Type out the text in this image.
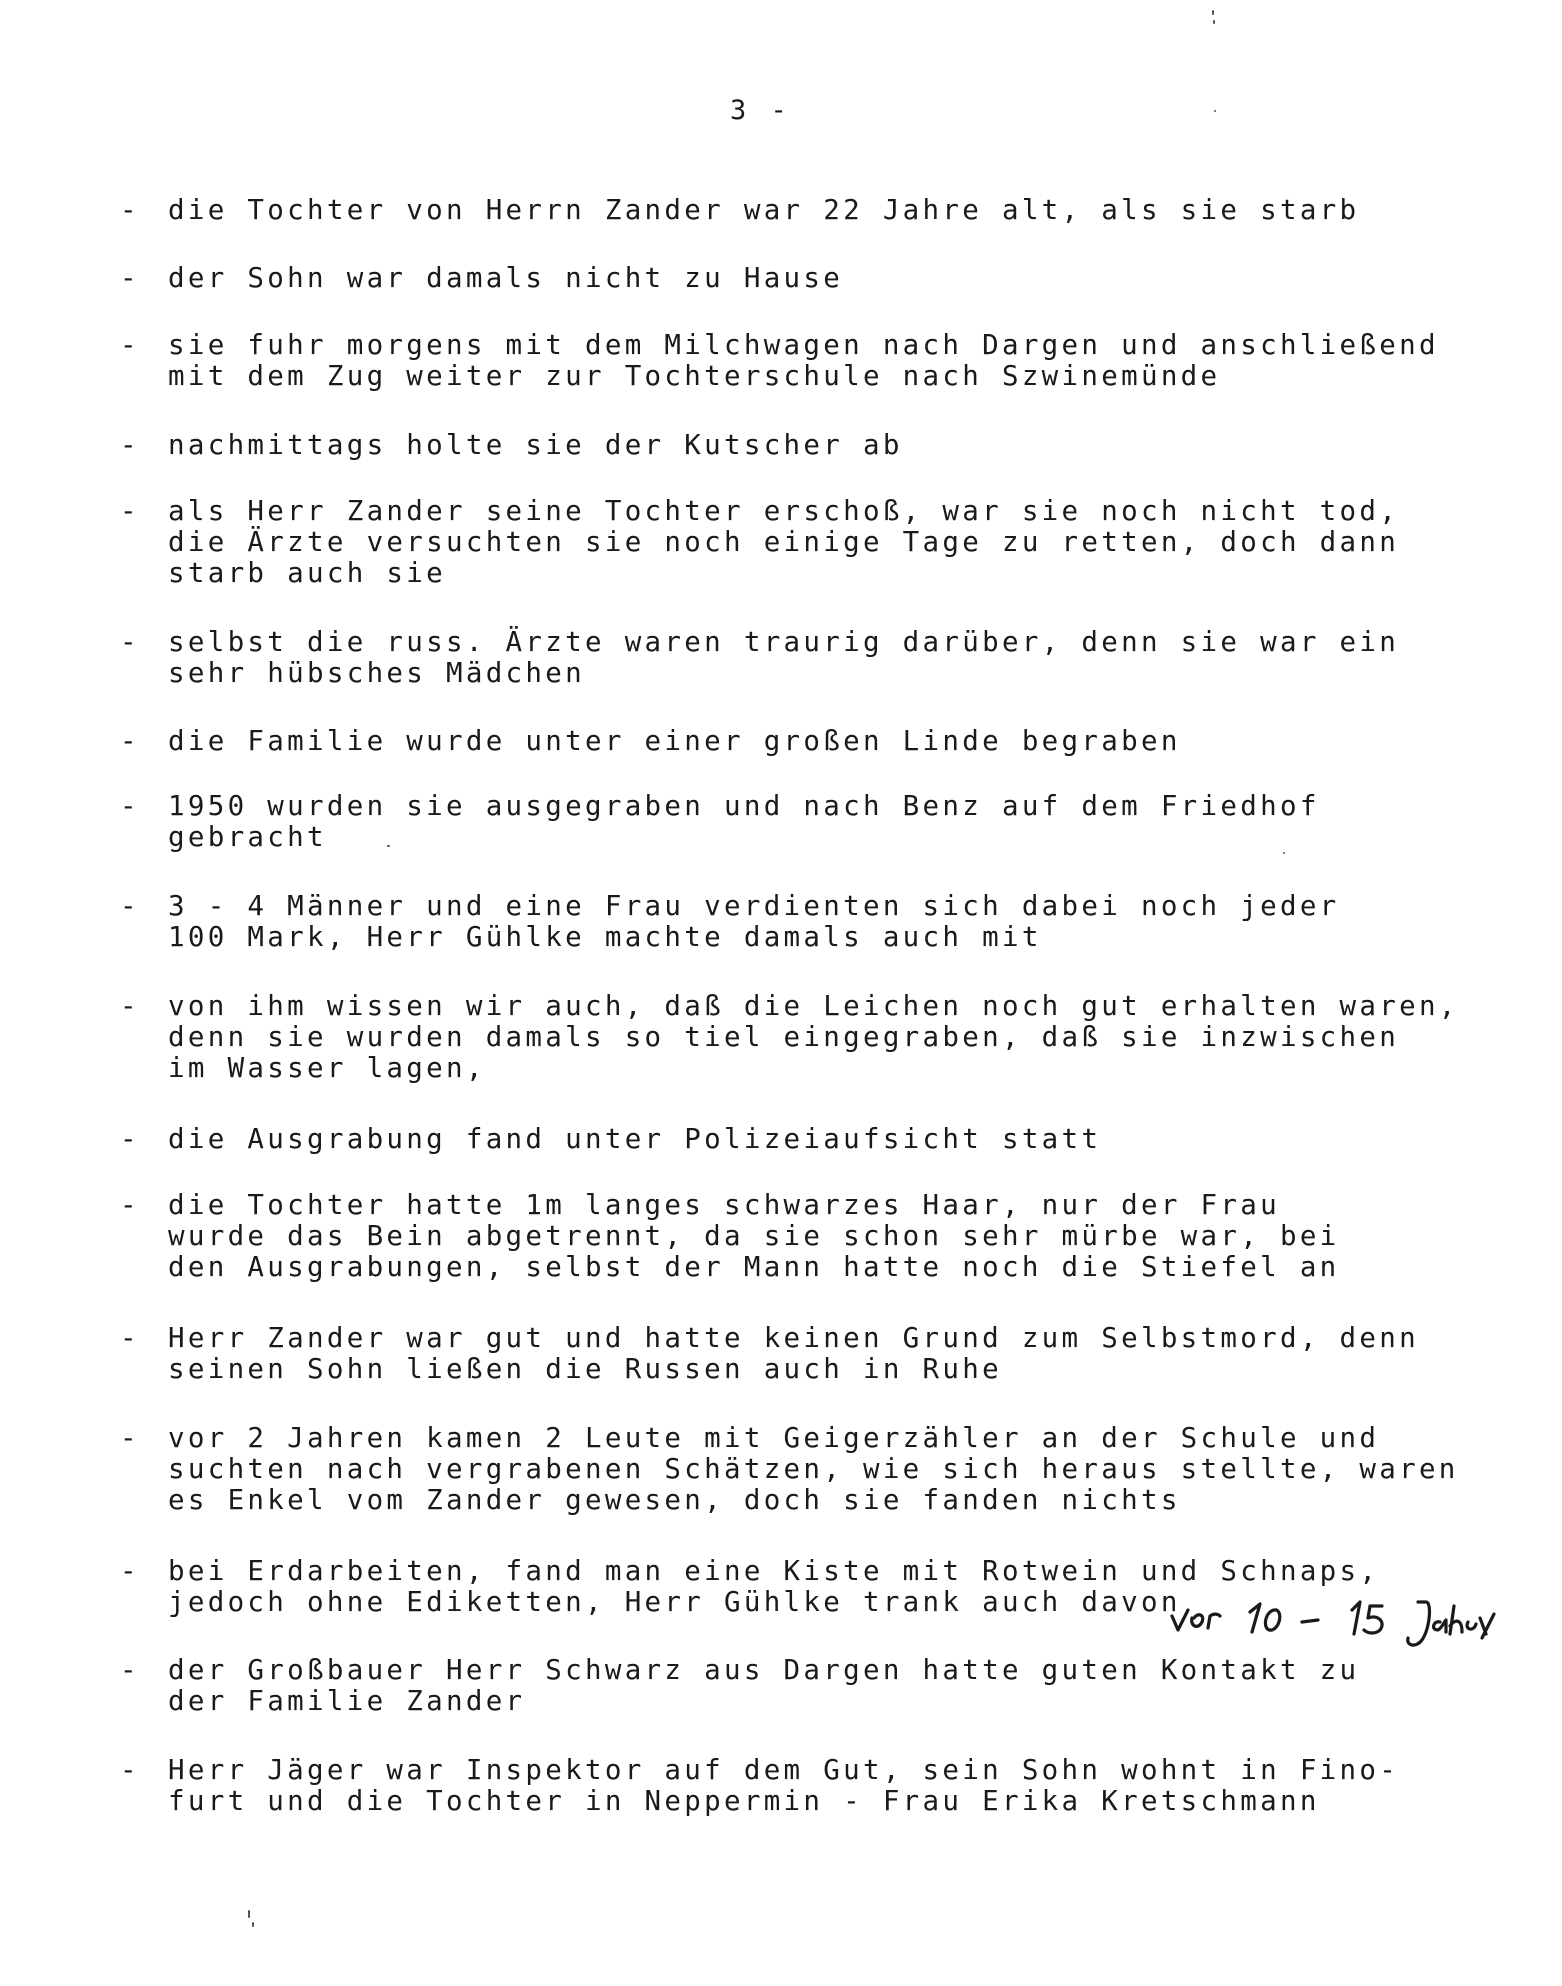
3 -
- die Tochter von Herrn Zander war 22 Jahre alt, als sie starb
- der Sohn war damals nicht zu Hause
- sie fuhr morgens mit dem Milchwagen nach Dargen und anschließend
mit dem Zug weiter zur Tochterschule nach Szwinemünde
- nachmittags holte sie der Kutscher ab
- als Herr Zander seine Tochter erschoß, war sie noch nicht tod,
die Ärzte versuchten sie noch einige Tage zu retten, doch dann
starb auch sie
- selbst die russ. Ärzte waren traurig darüber, denn sie war ein
sehr hübsches Mädchen
- die Familie wurde unter einer großen Linde begraben
- 1950 wurden sie ausgegraben und nach Benz auf dem Friedhof
gebracht
- 3 - 4 Männer und eine Frau verdienten sich dabei noch jeder
100 Mark, Herr Gühlke machte damals auch mit
- von ihm wissen wir auch, daß die Leichen noch gut erhalten waren,
denn sie wurden damals so tiel eingegraben, daß sie inzwischen
im Wasser lagen,
- die Ausgrabung fand unter Polizeiaufsicht statt
- die Tochter hatte 1m langes schwarzes Haar, nur der Frau
wurde das Bein abgetrennt, da sie schon sehr mürbe war, bei
den Ausgrabungen, selbst der Mann hatte noch die Stiefel an
- Herr Zander war gut und hatte keinen Grund zum Selbstmord, denn
seinen Sohn ließen die Russen auch in Ruhe
- vor 2 Jahren kamen 2 Leute mit Geigerzähler an der Schule und
suchten nach vergrabenen Schätzen, wie sich heraus stellte, waren
es Enkel vom Zander gewesen, doch sie fanden nichts
- bei Erdarbeiten, fand man eine Kiste mit Rotwein und Schnaps,
jedoch ohne Ediketten, Herr Gühlke trank auch davon
- der Großbauer Herr Schwarz aus Dargen hatte guten Kontakt zu
der Familie Zander
- Herr Jäger war Inspektor auf dem Gut, sein Sohn wohnt in Fino-
furt und die Tochter in Neppermin - Frau Erika Kretschmann
